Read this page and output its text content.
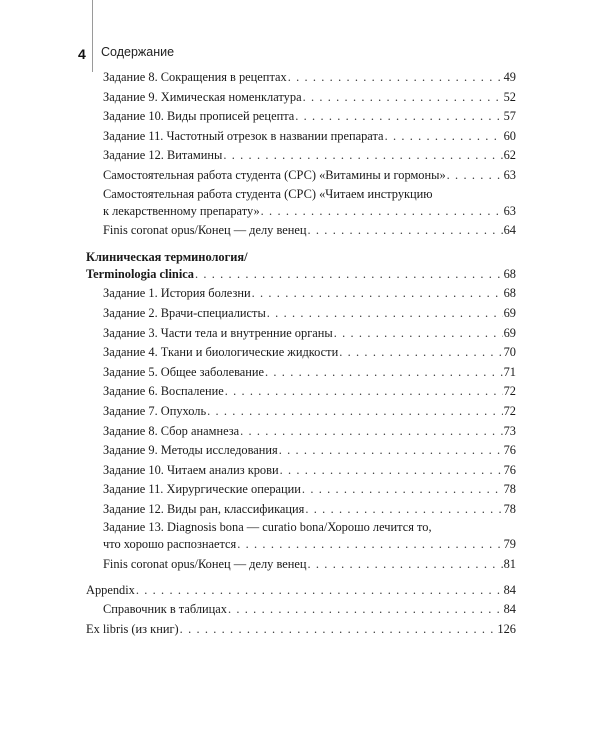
4 Содержание
Задание 8. Сокращения в рецептах . . .	49
Задание 9. Химическая номенклатура . . .	52
Задание 10. Виды прописей рецепта . . .	57
Задание 11. Частотный отрезок в названии препарата . . .	60
Задание 12. Витамины . . .	62
Самостоятельная работа студента (СРС) «Витамины и гормоны» . . .	63
Самостоятельная работа студента (СРС) «Читаем инструкцию
к лекарственному препарату» . . .	63
Finis coronat opus/Конец — делу венец . . .	64
Клиническая терминология/
Terminologia clinica . . .	68
Задание 1. История болезни . . .	68
Задание 2. Врачи-специалисты . . .	69
Задание 3. Части тела и внутренние органы . . .	69
Задание 4. Ткани и биологические жидкости . . .	70
Задание 5. Общее заболевание . . .	71
Задание 6. Воспаление . . .	72
Задание 7. Опухоль . . .	72
Задание 8. Сбор анамнеза . . .	73
Задание 9. Методы исследования . . .	76
Задание 10. Читаем анализ крови . . .	76
Задание 11. Хирургические операции . . .	78
Задание 12. Виды ран, классификация . . .	78
Задание 13. Diagnosis bona — curatio bona/Хорошо лечится то,
что хорошо распознается . . .	79
Finis coronat opus/Конец — делу венец . . .	81
Appendix . . .	84
Справочник в таблицах . . .	84
Ex libris (из книг) . . .	126
